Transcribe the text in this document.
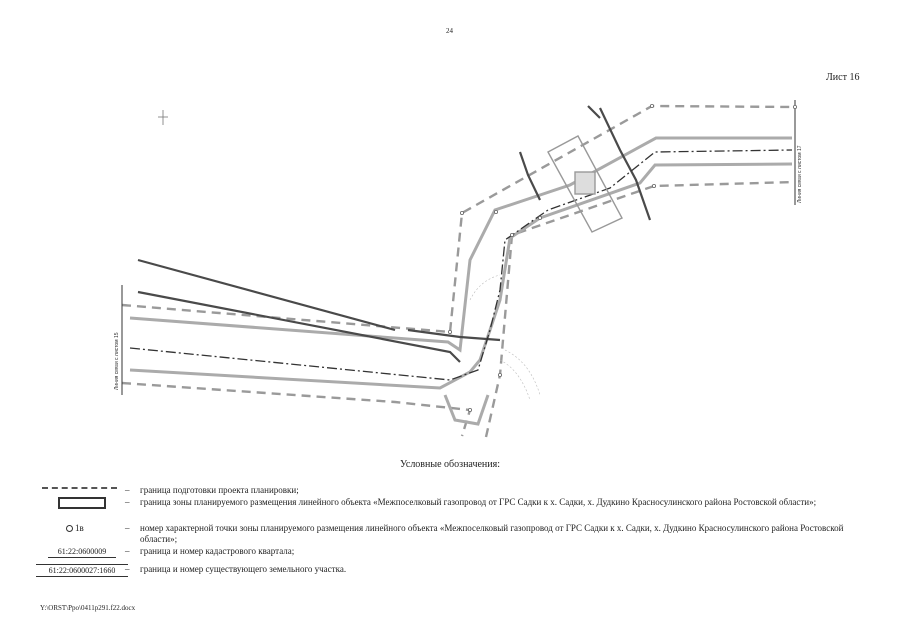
24
Лист 16
Линия связи с листом 15
Линия связи с листом 17
Условные обозначения:
– граница подготовки проекта планировки;
– граница зоны планируемого размещения линейного объекта «Межпоселковый газопровод от ГРС Садки к х. Садки, х. Дудкино Красносулинского района Ростовской области»;
1в	– номер характерной точки зоны планируемого размещения линейного объекта «Межпоселковый газопровод от ГРС Садки к х. Садки, х. Дудкино Красносулинского района Ростовской области»;
61:22:0600009	– граница и номер кадастрового квартала;
61:22:0600027:1660	– граница и номер существующего земельного участка.
Y:\ORST\Ppo\0411p291.f22.docx
